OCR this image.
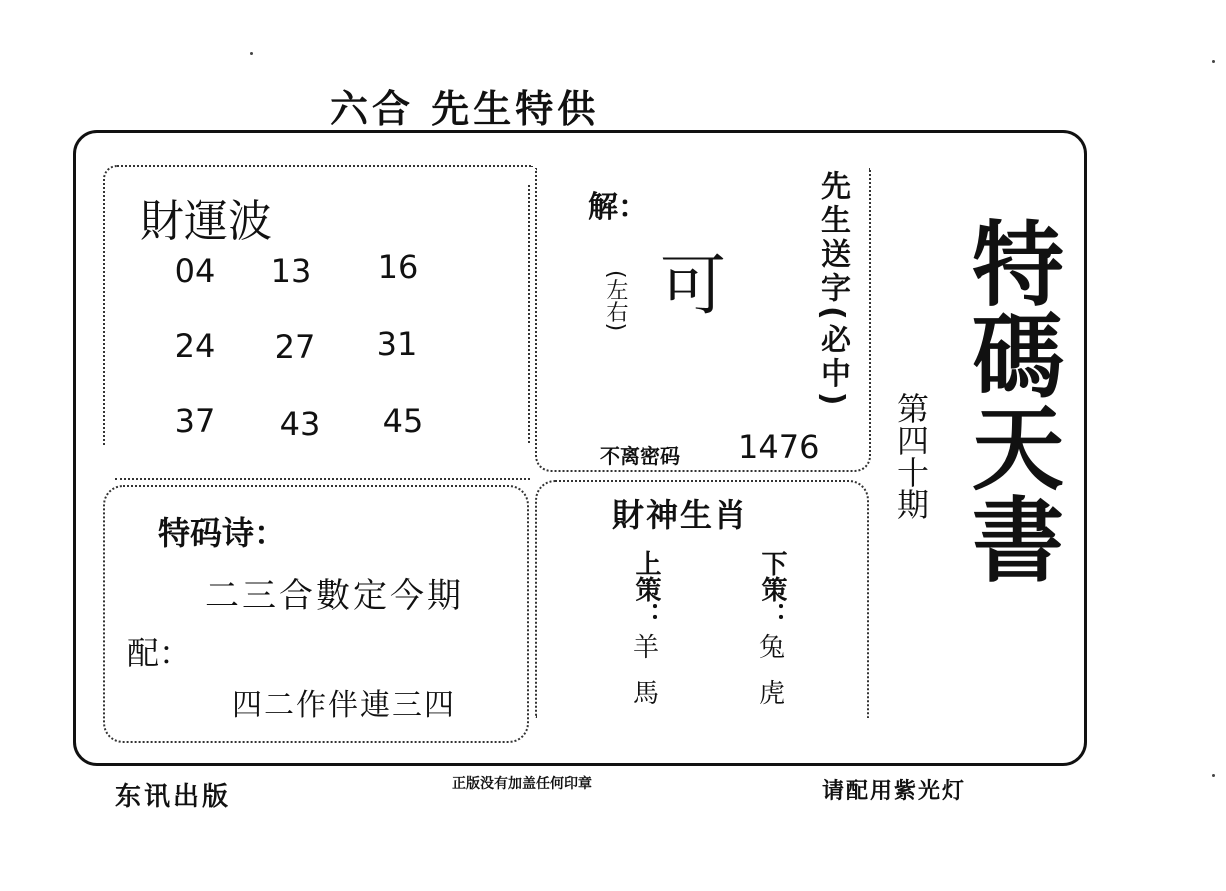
六合 先生特供
財運波
04	13	16
24	27	31
37	43	45
解：
可
(左右)	先生送字(必中)
不离密码 1476
特码诗：
二三合數定今期
配：
四二作伴連三四
財神生肖
上策：
羊
馬
下策：
兔
虎
特碼天書
第四十期
东讯出版	正版没有加盖任何印章	请配用紫光灯
